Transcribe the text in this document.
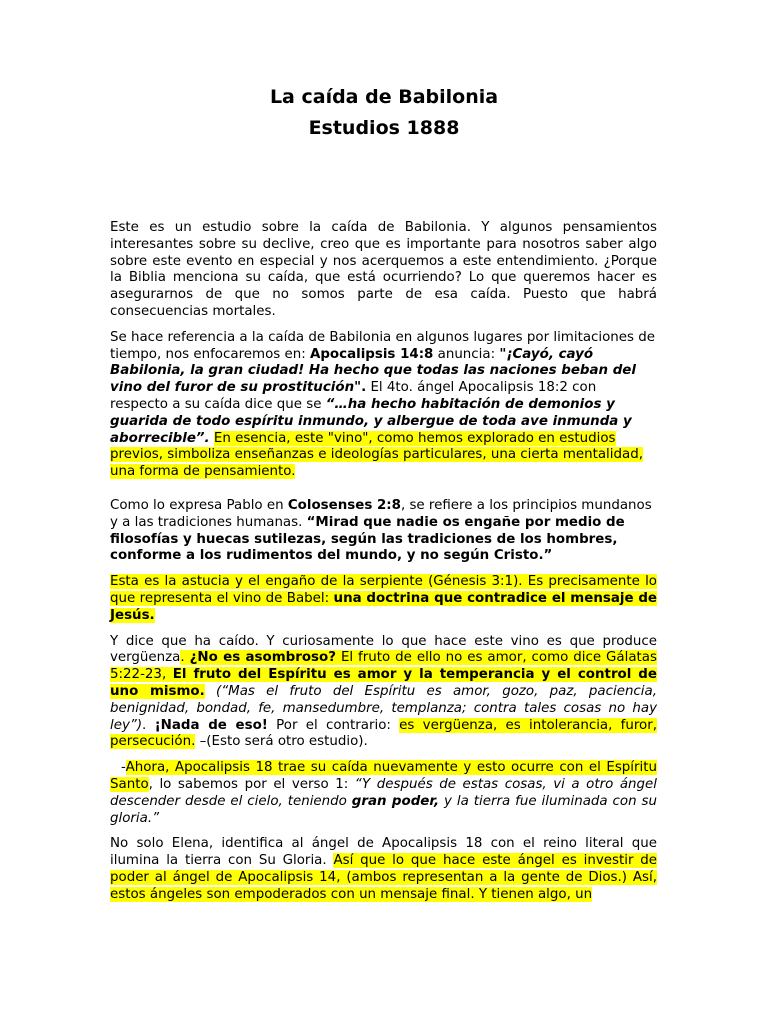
La caída de Babilonia
Estudios 1888

Este es un estudio sobre la caída de Babilonia. Y algunos pensamientos interesantes sobre su declive, creo que es importante para nosotros saber algo sobre este evento en especial y nos acerquemos a este entendimiento. ¿Porque la Biblia menciona su caída, que está ocurriendo? Lo que queremos hacer es asegurarnos de que no somos parte de esa caída. Puesto que habrá consecuencias mortales.

Se hace referencia a la caída de Babilonia en algunos lugares por limitaciones de tiempo, nos enfocaremos en: Apocalipsis 14:8 anuncia: "¡Cayó, cayó Babilonia, la gran ciudad! Ha hecho que todas las naciones beban del vino del furor de su prostitución". El 4to. ángel Apocalipsis 18:2 con respecto a su caída dice que se “…ha hecho habitación de demonios y guarida de todo espíritu inmundo, y albergue de toda ave inmunda y aborrecible”. En esencia, este "vino", como hemos explorado en estudios previos, simboliza enseñanzas e ideologías particulares, una cierta mentalidad, una forma de pensamiento.

Como lo expresa Pablo en Colosenses 2:8, se refiere a los principios mundanos y a las tradiciones humanas. “Mirad que nadie os engañe por medio de filosofías y huecas sutilezas, según las tradiciones de los hombres, conforme a los rudimentos del mundo, y no según Cristo.”

Esta es la astucia y el engaño de la serpiente (Génesis 3:1). Es precisamente lo que representa el vino de Babel: una doctrina que contradice el mensaje de Jesús.

Y dice que ha caído. Y curiosamente lo que hace este vino es que produce vergüenza. ¿No es asombroso? El fruto de ello no es amor, como dice Gálatas 5:22-23, El fruto del Espíritu es amor y la temperancia y el control de uno mismo. (“Mas el fruto del Espíritu es amor, gozo, paz, paciencia, benignidad, bondad, fe, mansedumbre, templanza; contra tales cosas no hay ley”). ¡Nada de eso! Por el contrario: es vergüenza, es intolerancia, furor, persecución. –(Esto será otro estudio).

-Ahora, Apocalipsis 18 trae su caída nuevamente y esto ocurre con el Espíritu Santo, lo sabemos por el verso 1: “Y después de estas cosas, vi a otro ángel descender desde el cielo, teniendo gran poder, y la tierra fue iluminada con su gloria.”

No solo Elena, identifica al ángel de Apocalipsis 18 con el reino literal que ilumina la tierra con Su Gloria. Así que lo que hace este ángel es investir de poder al ángel de Apocalipsis 14, (ambos representan a la gente de Dios.) Así, estos ángeles son empoderados con un mensaje final. Y tienen algo, un
